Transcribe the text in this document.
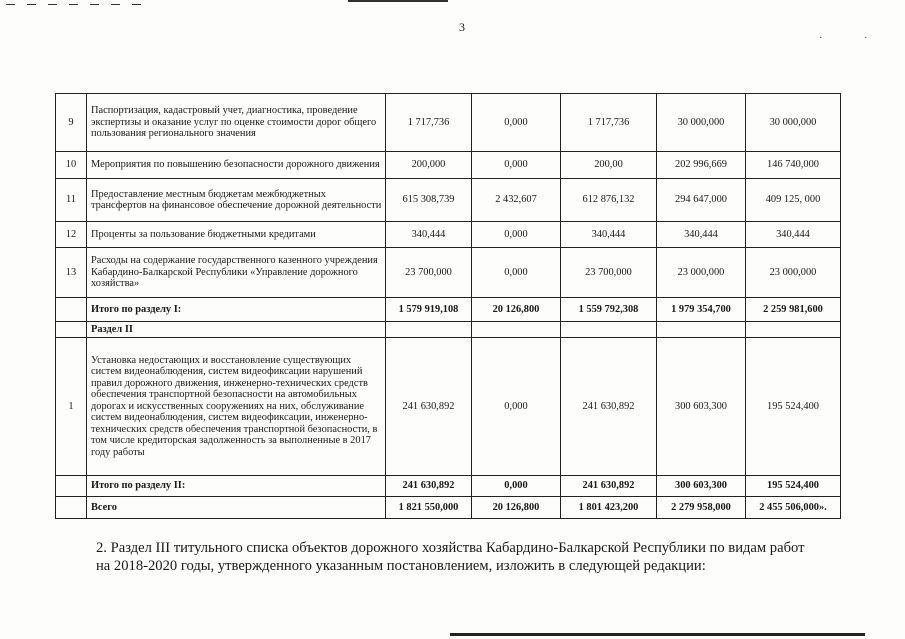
3
. .
9	Паспортизация, кадастровый учет, диагностика, проведение экспертизы и оказание услуг по оценке стоимости дорог общего пользования регионального значения	1 717,736	0,000	1 717,736	30 000,000	30 000,000
10	Мероприятия по повышению безопасности дорожного движения	200,000	0,000	200,00	202 996,669	146 740,000
11	Предоставление местным бюджетам межбюджетных трансфертов на финансовое обеспечение дорожной деятельности	615 308,739	2 432,607	612 876,132	294 647,000	409 125, 000
12	Проценты за пользование бюджетными кредитами	340,444	0,000	340,444	340,444	340,444
13	Расходы на содержание государственного казенного учреждения Кабардино-Балкарской Республики «Управление дорожного хозяйства»	23 700,000	0,000	23 700,000	23 000,000	23 000,000
	Итого по разделу I:	1 579 919,108	20 126,800	1 559 792,308	1 979 354,700	2 259 981,600
	Раздел II					
1	Установка недостающих и восстановление существующих систем видеонаблюдения, систем видеофиксации нарушений правил дорожного движения, инженерно-технических средств обеспечения транспортной безопасности на автомобильных дорогах и искусственных сооружениях на них, обслуживание систем видеонаблюдения, систем видеофиксации, инженерно-технических средств обеспечения транспортной безопасности, в том числе кредиторская задолженность за выполненные в 2017 году работы	241 630,892	0,000	241 630,892	300 603,300	195 524,400
	Итого по разделу II:	241 630,892	0,000	241 630,892	300 603,300	195 524,400
	Всего	1 821 550,000	20 126,800	1 801 423,200	2 279 958,000	2 455 506,000».
2. Раздел III титульного списка объектов дорожного хозяйства Кабардино-Балкарской Республики по видам работ
на 2018-2020 годы, утвержденного указанным постановлением, изложить в следующей редакции:
